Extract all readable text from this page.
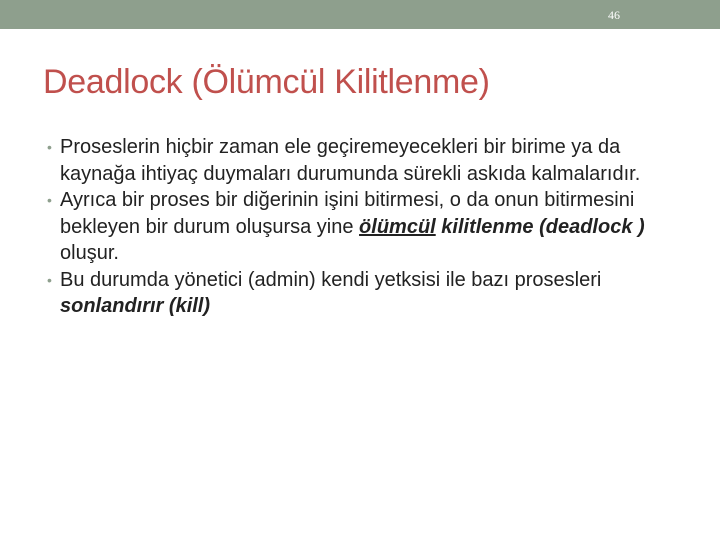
46
Deadlock (Ölümcül Kilitlenme)
• Proseslerin hiçbir zaman ele geçiremeyecekleri bir birime ya da kaynağa ihtiyaç duymaları durumunda sürekli askıda kalmalarıdır.
• Ayrıca bir proses bir diğerinin işini bitirmesi, o da onun bitirmesini bekleyen bir durum oluşursa yine ölümcül kilitlenme (deadlock ) oluşur.
• Bu durumda yönetici (admin) kendi yetksisi ile bazı prosesleri sonlandırır (kill)
